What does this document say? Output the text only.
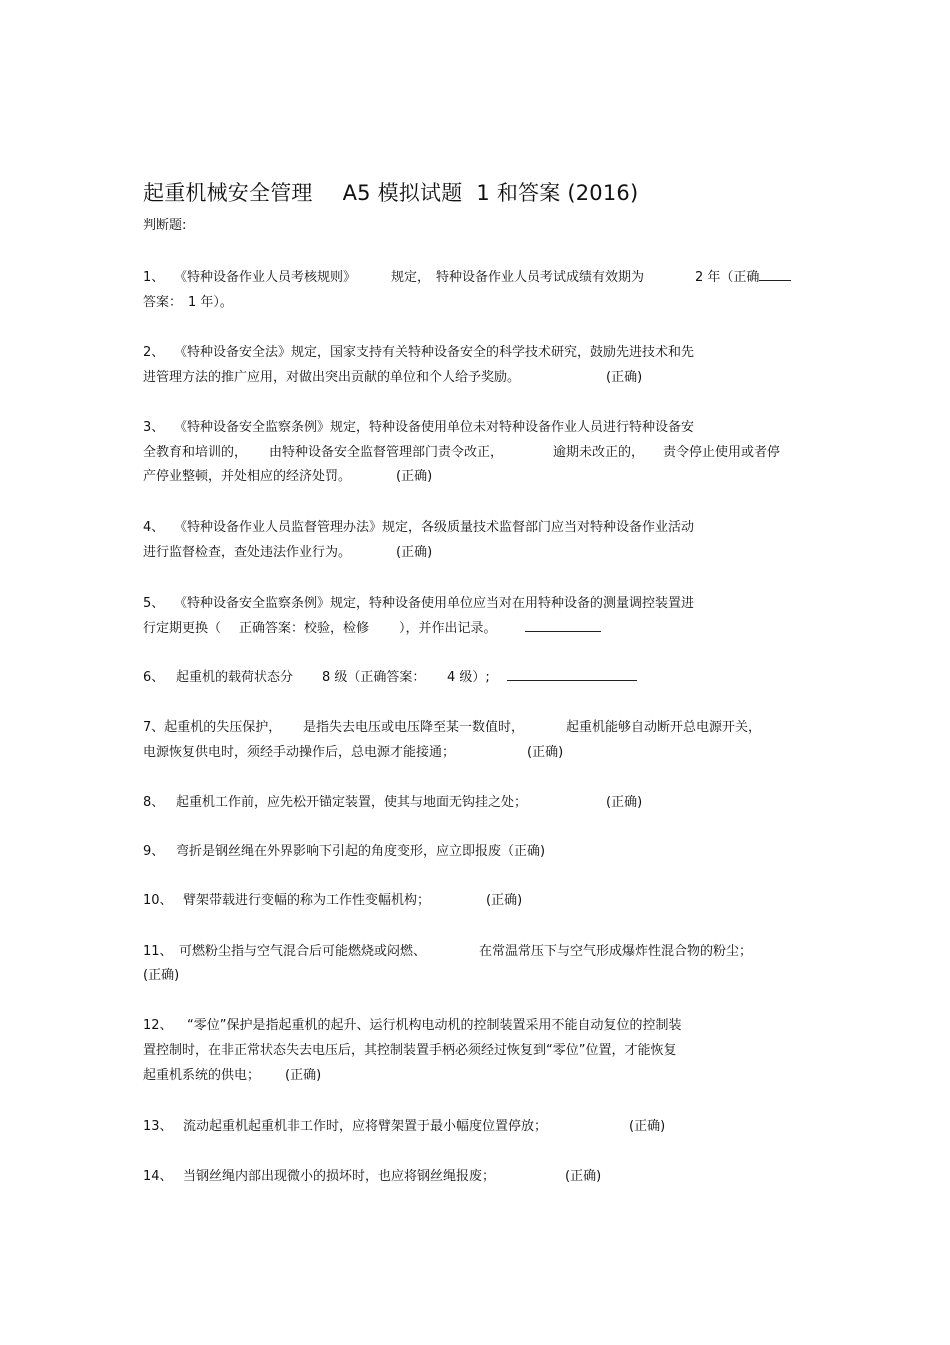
起重机械安全管理 A5 模拟试题 1 和答案 (2016)
判断题:
1、 《特种设备作业人员考核规则》	规定， 特种设备作业人员考试成绩有效期为	2 年（正确
答案： 1 年）。
2、 《特种设备安全法》规定，国家支持有关特种设备安全的科学技术研究，鼓励先进技术和先
进管理方法的推广应用，对做出突出贡献的单位和个人给予奖励。	(正确)
3、 《特种设备安全监察条例》规定，特种设备使用单位未对特种设备作业人员进行特种设备安
全教育和培训的，	由特种设备安全监督管理部门责令改正，	逾期未改正的，	责令停止使用或者停
产停业整顿，并处相应的经济处罚。	(正确)
4、 《特种设备作业人员监督管理办法》规定，各级质量技术监督部门应当对特种设备作业活动
进行监督检查，查处违法作业行为。	(正确)
5、 《特种设备安全监察条例》规定，特种设备使用单位应当对在用特种设备的测量调控装置进
行定期更换（	正确答案：校验，检修	），并作出记录。
6、 起重机的载荷状态分	8 级（正确答案：	4 级）;
7、起重机的失压保护，	是指失去电压或电压降至某一数值时，	起重机能够自动断开总电源开关，
电源恢复供电时，须经手动操作后，总电源才能接通；	(正确)
8、 起重机工作前，应先松开锚定装置，使其与地面无钩挂之处；	(正确)
9、 弯折是钢丝绳在外界影响下引起的角度变形，应立即报废（正确)
10、 臂架带载进行变幅的称为工作性变幅机构；	(正确)
11、 可燃粉尘指与空气混合后可能燃烧或闷燃、	在常温常压下与空气形成爆炸性混合物的粉尘；
(正确)
12、	“零位”保护是指起重机的起升、运行机构电动机的控制装置采用不能自动复位的控制装
置控制时，在非正常状态失去电压后，其控制装置手柄必须经过恢复到“零位”位置，才能恢复
起重机系统的供电；	(正确)
13、 流动起重机起重机非工作时，应将臂架置于最小幅度位置停放；	(正确)
14、 当钢丝绳内部出现微小的损坏时，也应将钢丝绳报废；	(正确)
